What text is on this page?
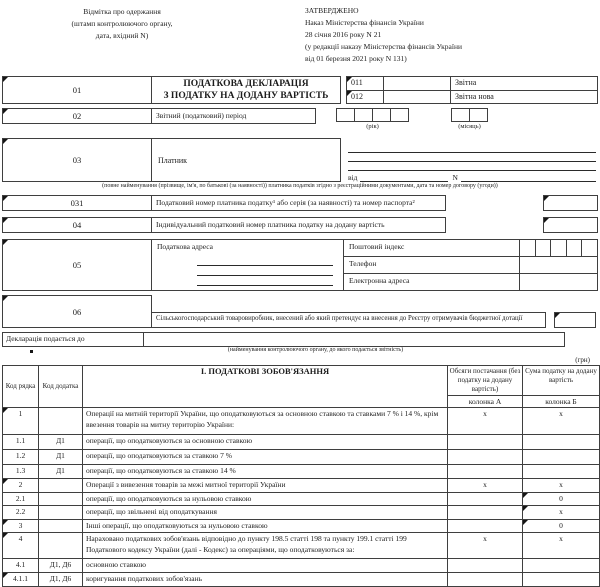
Відмітка про одержання
(штамп контролюючого органу,
дата, вхідний N)
ЗАТВЕРДЖЕНО
Наказ Міністерства фінансів України
28 січня 2016 року N 21
(у редакції наказу Міністерства фінансів України
від 01 березня 2021 року N 131)
01
ПОДАТКОВА ДЕКЛАРАЦІЯ
З ПОДАТКУ НА ДОДАНУ ВАРТІСТЬ
011	Звітна
012	Звітна нова
02	Звітний (податковий) період
(рік)	(місяць)
03	Платник
від	N
(повне найменування (прізвище, ім'я, по батькові (за наявності)) платника податків згідно з реєстраційними документами, дата та номер договору (угоди))
031	Податковий номер платника податку¹ або серія (за наявності) та номер паспорта²
04	Індивідуальний податковий номер платника податку на додану вартість
05
Податкова адреса	Поштовий індекс
Телефон
Електронна адреса
06
Сільськогосподарський товаровиробник, внесений або який претендує на внесення до Реєстру отримувачів бюджетної дотації
Декларація подається до
(найменування контролюючого органу, до якого подається звітність)
(грн)
Код рядка	Код додатка	І. ПОДАТКОВІ ЗОБОВ'ЯЗАННЯ	Обсяги постачання (без податку на додану вартість)	Сума податку на додану вартість
			колонка А	колонка Б

1		Операції на митній території України, що оподатковуються за основною ставкою та ставками 7 % і 14 %, крім ввезення товарів на митну територію України:	х	х
1.1	Д1	операції, що оподатковуються за основною ставкою		
1.2	Д1	операції, що оподатковуються за ставкою 7 %		
1.3	Д1	операції, що оподатковуються за ставкою 14 %		

2		Операції з вивезення товарів за межі митної території України	х	х
2.1		операції, що оподатковуються за нульовою ставкою		0
2.2		операції, що звільнені від оподаткування		х

3		Інші операції, що оподатковуються за нульовою ставкою		0

4		Нараховано податкових зобов'язань відповідно до пункту 198.5 статті 198 та пункту 199.1 статті 199 Податкового кодексу України (далі - Кодекс) за операціями, що оподатковуються за:	х	х
4.1	Д1, Д6	основною ставкою		

4.1.1	Д1, Д6	коригування податкових зобов'язань		
